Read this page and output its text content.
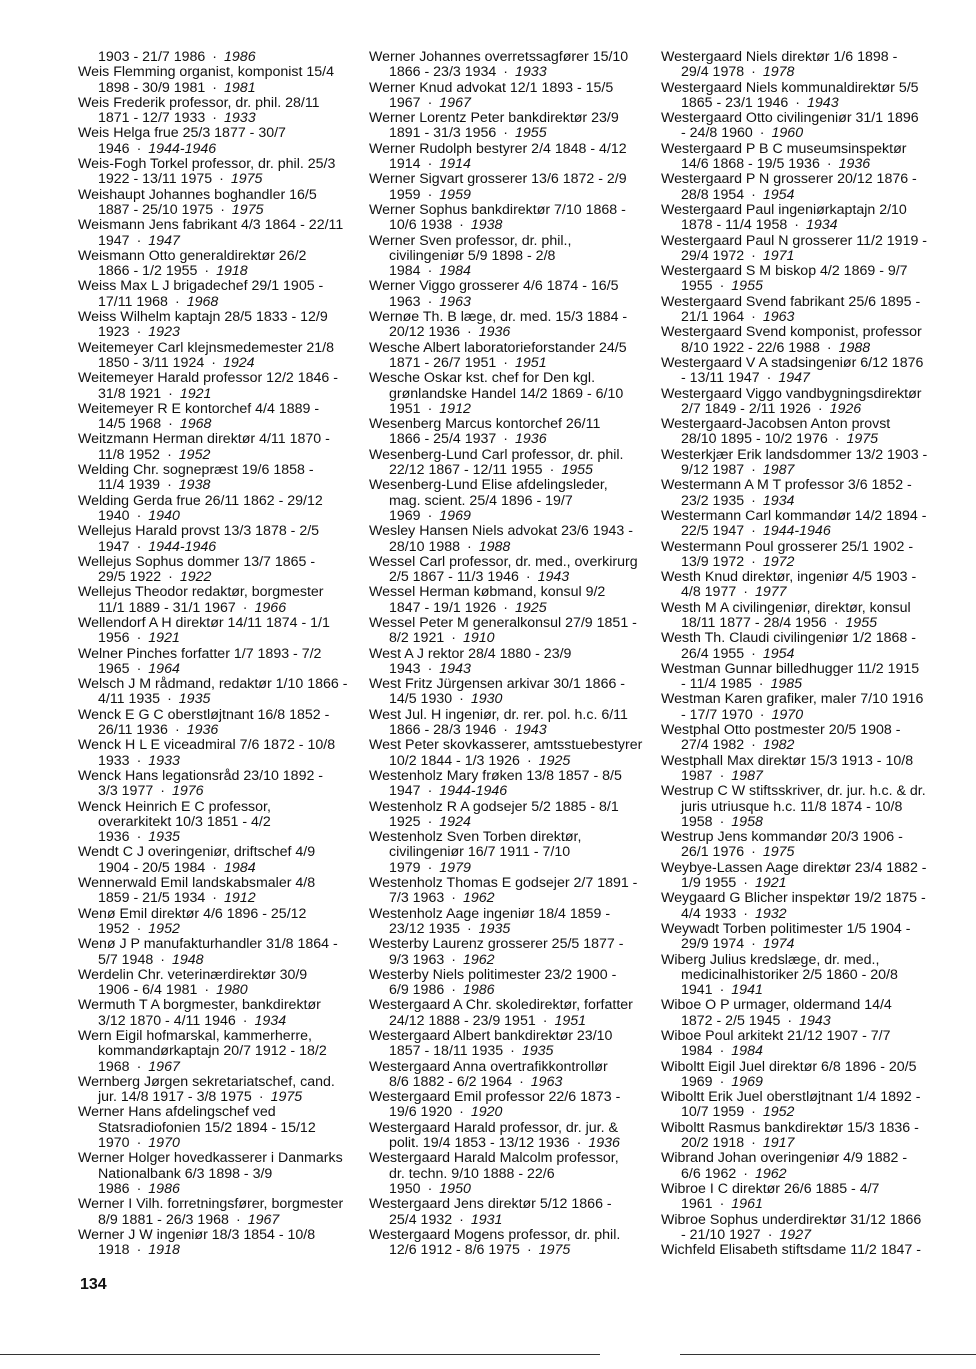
1903 - 21/7 1986 · 1986
Weis Flemming organist, komponist 15/4
1898 - 30/9 1981 · 1981
Weis Frederik professor, dr. phil. 28/11
1871 - 12/7 1933 · 1933
Weis Helga frue 25/3 1877 - 30/7
1946 · 1944-1946
Weis-Fogh Torkel professor, dr. phil. 25/3
1922 - 13/11 1975 · 1975
Weishaupt Johannes boghandler 16/5
1887 - 25/10 1975 · 1975
Weismann Jens fabrikant 4/3 1864 - 22/11
1947 · 1947
Weismann Otto generaldirektør 26/2
1866 - 1/2 1955 · 1918
Weiss Max L J brigadechef 29/1 1905 -
17/11 1968 · 1968
Weiss Wilhelm kaptajn 28/5 1833 - 12/9
1923 · 1923
Weitemeyer Carl klejnsmedemester 21/8
1850 - 3/11 1924 · 1924
Weitemeyer Harald professor 12/2 1846 -
31/8 1921 · 1921
Weitemeyer R E kontorchef 4/4 1889 -
14/5 1968 · 1968
Weitzmann Herman direktør 4/11 1870 -
11/8 1952 · 1952
Welding Chr. sognepræst 19/6 1858 -
11/4 1939 · 1938
Welding Gerda frue 26/11 1862 - 29/12
1940 · 1940
Wellejus Harald provst 13/3 1878 - 2/5
1947 · 1944-1946
Wellejus Sophus dommer 13/7 1865 -
29/5 1922 · 1922
Wellejus Theodor redaktør, borgmester
11/1 1889 - 31/1 1967 · 1966
Wellendorf A H direktør 14/11 1874 - 1/1
1956 · 1921
Welner Pinches forfatter 1/7 1893 - 7/2
1965 · 1964
Welsch J M rådmand, redaktør 1/10 1866 -
4/11 1935 · 1935
Wenck E G C oberstløjtnant 16/8 1852 -
26/11 1936 · 1936
Wenck H L E viceadmiral 7/6 1872 - 10/8
1933 · 1933
Wenck Hans legationsråd 23/10 1892 -
3/3 1977 · 1976
Wenck Heinrich E C professor,
overarkitekt 10/3 1851 - 4/2
1936 · 1935
Wendt C J overingeniør, driftschef 4/9
1904 - 20/5 1984 · 1984
Wennerwald Emil landskabsmaler 4/8
1859 - 21/5 1934 · 1912
Wenø Emil direktør 4/6 1896 - 25/12
1952 · 1952
Wenø J P manufakturhandler 31/8 1864 -
5/7 1948 · 1948
Werdelin Chr. veterinærdirektør 30/9
1906 - 6/4 1981 · 1980
Wermuth T A borgmester, bankdirektør
3/12 1870 - 4/11 1946 · 1934
Wern Eigil hofmarskal, kammerherre,
kommandørkaptajn 20/7 1912 - 18/2
1968 · 1967
Wernberg Jørgen sekretariatschef, cand.
jur. 14/8 1917 - 3/8 1975 · 1975
Werner Hans afdelingschef ved
Statsradiofonien 15/2 1894 - 15/12
1970 · 1970
Werner Holger hovedkasserer i Danmarks
Nationalbank 6/3 1898 - 3/9
1986 · 1986
Werner I Vilh. forretningsfører, borgmester
8/9 1881 - 26/3 1968 · 1967
Werner J W ingeniør 18/3 1854 - 10/8
1918 · 1918
Werner Johannes overretssagfører 15/10
1866 - 23/3 1934 · 1933
Werner Knud advokat 12/1 1893 - 15/5
1967 · 1967
Werner Lorentz Peter bankdirektør 23/9
1891 - 31/3 1956 · 1955
Werner Rudolph bestyrer 2/4 1848 - 4/12
1914 · 1914
Werner Sigvart grosserer 13/6 1872 - 2/9
1959 · 1959
Werner Sophus bankdirektør 7/10 1868 -
10/6 1938 · 1938
Werner Sven professor, dr. phil.,
civilingeniør 5/9 1898 - 2/8
1984 · 1984
Werner Viggo grosserer 4/6 1874 - 16/5
1963 · 1963
Wernøe Th. B læge, dr. med. 15/3 1884 -
20/12 1936 · 1936
Wesche Albert laboratorieforstander 24/5
1871 - 26/7 1951 · 1951
Wesche Oskar kst. chef for Den kgl.
grønlandske Handel 14/2 1869 - 6/10
1951 · 1912
Wesenberg Marcus kontorchef 26/11
1866 - 25/4 1937 · 1936
Wesenberg-Lund Carl professor, dr. phil.
22/12 1867 - 12/11 1955 · 1955
Wesenberg-Lund Elise afdelingsleder,
mag. scient. 25/4 1896 - 19/7
1969 · 1969
Wesley Hansen Niels advokat 23/6 1943 -
28/10 1988 · 1988
Wessel Carl professor, dr. med., overkirurg
2/5 1867 - 11/3 1946 · 1943
Wessel Herman købmand, konsul 9/2
1847 - 19/1 1926 · 1925
Wessel Peter M generalkonsul 27/9 1851 -
8/2 1921 · 1910
West A J rektor 28/4 1880 - 23/9
1943 · 1943
West Fritz Jürgensen arkivar 30/1 1866 -
14/5 1930 · 1930
West Jul. H ingeniør, dr. rer. pol. h.c. 6/11
1866 - 28/3 1946 · 1943
West Peter skovkasserer, amtsstuebestyrer
10/2 1844 - 1/3 1926 · 1925
Westenholz Mary frøken 13/8 1857 - 8/5
1947 · 1944-1946
Westenholz R A godsejer 5/2 1885 - 8/1
1925 · 1924
Westenholz Sven Torben direktør,
civilingeniør 16/7 1911 - 7/10
1979 · 1979
Westenholz Thomas E godsejer 2/7 1891 -
7/3 1963 · 1962
Westenholz Aage ingeniør 18/4 1859 -
23/12 1935 · 1935
Westerby Laurenz grosserer 25/5 1877 -
9/3 1963 · 1962
Westerby Niels politimester 23/2 1900 -
6/9 1986 · 1986
Westergaard A Chr. skoledirektør, forfatter
24/12 1888 - 23/9 1951 · 1951
Westergaard Albert bankdirektør 23/10
1857 - 18/11 1935 · 1935
Westergaard Anna overtrafikkontrollør
8/6 1882 - 6/2 1964 · 1963
Westergaard Emil professor 22/6 1873 -
19/6 1920 · 1920
Westergaard Harald professor, dr. jur. &
polit. 19/4 1853 - 13/12 1936 · 1936
Westergaard Harald Malcolm professor,
dr. techn. 9/10 1888 - 22/6
1950 · 1950
Westergaard Jens direktør 5/12 1866 -
25/4 1932 · 1931
Westergaard Mogens professor, dr. phil.
12/6 1912 - 8/6 1975 · 1975
Westergaard Niels direktør 1/6 1898 -
29/4 1978 · 1978
Westergaard Niels kommunaldirektør 5/5
1865 - 23/1 1946 · 1943
Westergaard Otto civilingeniør 31/1 1896
- 24/8 1960 · 1960
Westergaard P B C museumsinspektør
14/6 1868 - 19/5 1936 · 1936
Westergaard P N grosserer 20/12 1876 -
28/8 1954 · 1954
Westergaard Paul ingeniørkaptajn 2/10
1878 - 11/4 1958 · 1934
Westergaard Paul N grosserer 11/2 1919 -
29/4 1972 · 1971
Westergaard S M biskop 4/2 1869 - 9/7
1955 · 1955
Westergaard Svend fabrikant 25/6 1895 -
21/1 1964 · 1963
Westergaard Svend komponist, professor
8/10 1922 - 22/6 1988 · 1988
Westergaard V A stadsingeniør 6/12 1876
- 13/11 1947 · 1947
Westergaard Viggo vandbygningsdirektør
2/7 1849 - 2/11 1926 · 1926
Westergaard-Jacobsen Anton provst
28/10 1895 - 10/2 1976 · 1975
Westerkjær Erik landsdommer 13/2 1903 -
9/12 1987 · 1987
Westermann A M T professor 3/6 1852 -
23/2 1935 · 1934
Westermann Carl kommandør 14/2 1894 -
22/5 1947 · 1944-1946
Westermann Poul grosserer 25/1 1902 -
13/9 1972 · 1972
Westh Knud direktør, ingeniør 4/5 1903 -
4/8 1977 · 1977
Westh M A civilingeniør, direktør, konsul
18/11 1877 - 28/4 1956 · 1955
Westh Th. Claudi civilingeniør 1/2 1868 -
26/4 1955 · 1954
Westman Gunnar billedhugger 11/2 1915
- 11/4 1985 · 1985
Westman Karen grafiker, maler 7/10 1916
- 17/7 1970 · 1970
Westphal Otto postmester 20/5 1908 -
27/4 1982 · 1982
Westphall Max direktør 15/3 1913 - 10/8
1987 · 1987
Westrup C W stiftsskriver, dr. jur. h.c. & dr.
juris utriusque h.c. 11/8 1874 - 10/8
1958 · 1958
Westrup Jens kommandør 20/3 1906 -
26/1 1976 · 1975
Weybye-Lassen Aage direktør 23/4 1882 -
1/9 1955 · 1921
Weygaard G Blicher inspektør 19/2 1875 -
4/4 1933 · 1932
Weywadt Torben politimester 1/5 1904 -
29/9 1974 · 1974
Wiberg Julius kredslæge, dr. med.,
medicinalhistoriker 2/5 1860 - 20/8
1941 · 1941
Wiboe O P urmager, oldermand 14/4
1872 - 2/5 1945 · 1943
Wiboe Poul arkitekt 21/12 1907 - 7/7
1984 · 1984
Wiboltt Eigil Juel direktør 6/8 1896 - 20/5
1969 · 1969
Wiboltt Erik Juel oberstløjtnant 1/4 1892 -
10/7 1959 · 1952
Wiboltt Rasmus bankdirektør 15/3 1836 -
20/2 1918 · 1917
Wibrand Johan overingeniør 4/9 1882 -
6/6 1962 · 1962
Wibroe I C direktør 26/6 1885 - 4/7
1961 · 1961
Wibroe Sophus underdirektør 31/12 1866
- 21/10 1927 · 1927
Wichfeld Elisabeth stiftsdame 11/2 1847 -
134
